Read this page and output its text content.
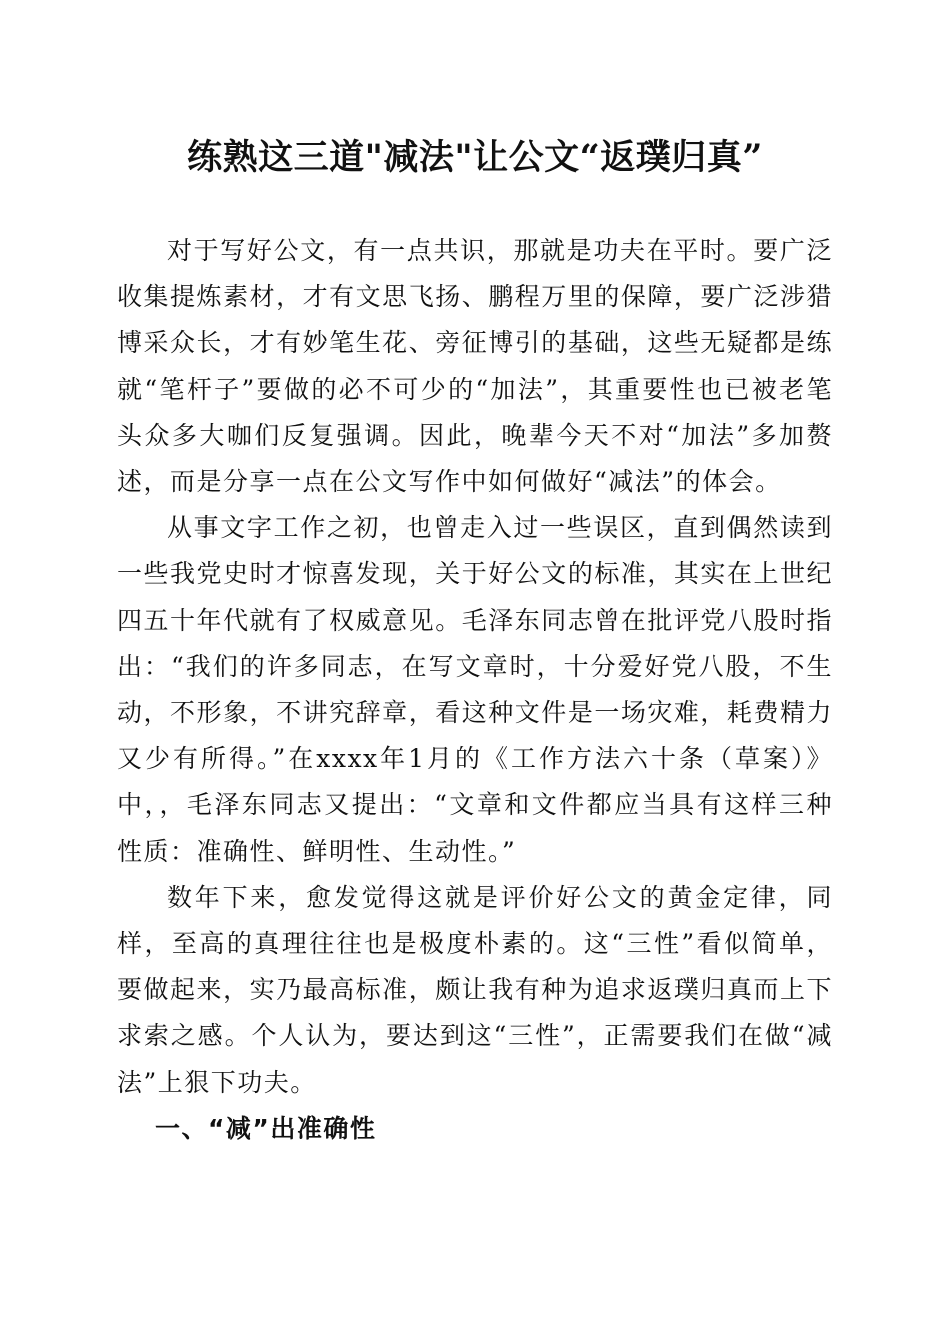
练熟这三道"减法"让公文“返璞归真”

对于写好公文，有一点共识，那就是功夫在平时。要广泛收集提炼素材，才有文思飞扬、鹏程万里的保障，要广泛涉猎博采众长，才有妙笔生花、旁征博引的基础，这些无疑都是练就“笔杆子”要做的必不可少的“加法”，其重要性也已被老笔头众多大咖们反复强调。因此，晚辈今天不对“加法”多加赘述，而是分享一点在公文写作中如何做好“减法”的体会。

从事文字工作之初，也曾走入过一些误区，直到偶然读到一些我党史时才惊喜发现，关于好公文的标准，其实在上世纪四五十年代就有了权威意见。毛泽东同志曾在批评党八股时指出：“我们的许多同志，在写文章时，十分爱好党八股，不生动，不形象，不讲究辞章，看这种文件是一场灾难，耗费精力又少有所得。”在xxxx年1月的《工作方法六十条（草案）》中，，毛泽东同志又提出：“文章和文件都应当具有这样三种性质：准确性、鲜明性、生动性。”

数年下来，愈发觉得这就是评价好公文的黄金定律，同样，至高的真理往往也是极度朴素的。这“三性”看似简单，要做起来，实乃最高标准，颇让我有种为追求返璞归真而上下求索之感。个人认为，要达到这“三性”，正需要我们在做“减法”上狠下功夫。

一、“减”出准确性
